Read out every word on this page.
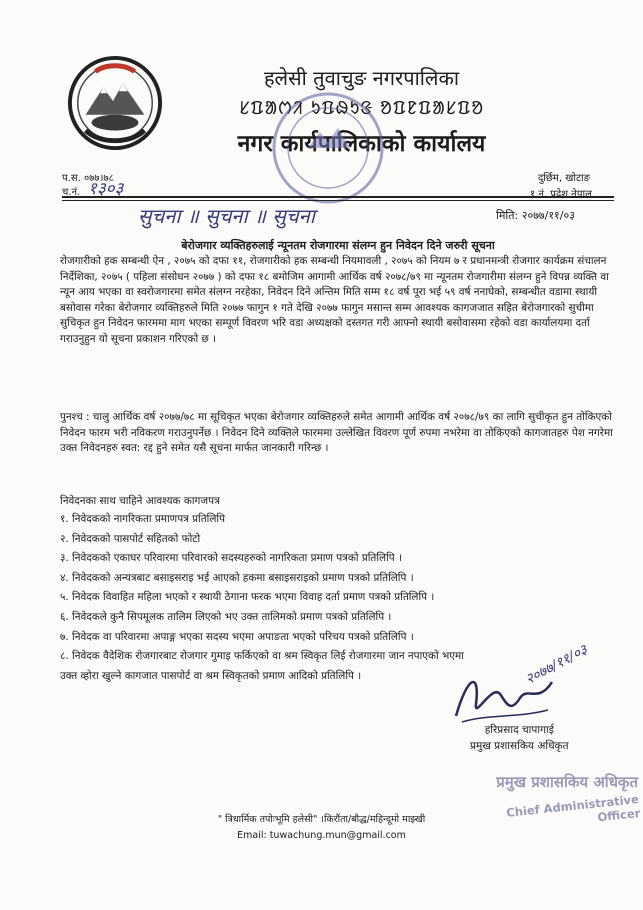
हलेसी तुवाचुङ नगरपालिका
ᱥᱯᱟᱬᱤ ᱩᱯᱷᱩᱝ ᱚᱯᱱᱯᱟᱥᱯᱚ
नगर कार्यपालिकाको कार्यालय
प.स. ०७७।७८
च.नं. १३०३
दुर्छिम, खोटाङ
१ नं. प्रदेश नेपाल
सुचना ॥ सुचना ॥ सुचना	मिति: २०७७/११/०३
बेरोजगार व्यक्तिहरुलाई न्यूनतम रोजगारमा संलग्न हुन निवेदन दिने जरुरी सूचना
रोजगारीको हक सम्बन्धी ऐन , २०७५ को दफा ११, रोजगारीको हक सम्बन्धी नियमावली , २०७५ को नियम ७ र प्रधानमन्त्री रोजगार कार्यक्रम संचालन निर्देशिका, २०७५ ( पहिला संसोधन २०७७ ) को दफा १८ बमोजिम आगामी आर्थिक वर्ष २०७८/७९ मा न्यूनतम रोजगारीमा संलग्न हुने विपन्न व्यक्ति वा न्यून आय भएका वा स्वरोजगारमा समेत संलग्न नरहेका, निवेदन दिने अन्तिम मिति सम्म १८ वर्ष पूरा भई ५९ वर्ष ननाघेको, सम्बन्धीत वडामा स्थायी बसोवास गरेका बेरोजगार व्यक्तिहरुले मिति २०७७ फागुन १ गते देखि २०७७ फागुन मसान्त सम्म आवश्यक कागजजात सहित बेरोजगारको सुचीमा सुचिकृत हुन निवेदन फारममा माग भएका सम्पूर्ण विवरण भरि वडा अध्यक्षको दस्तगत गरी आफ्नो स्थायी बसोवासमा रहेको वडा कार्यालयमा दर्ता गराउनुहुन यो सूचना प्रकाशन गरिएको छ ।
पुनश्च : चालु आर्थिक वर्ष २०७७/७८ मा सूचिकृत भएका बेरोजगार व्यक्तिहरुले समेत आगामी आर्थिक वर्ष २०७८/७९ का लागि सुचीकृत हुन तोकिएको निवेदन फारम भरी नविकरण गराउनुपर्नेछ । निवेदन दिने व्यक्तिले फारममा उल्लेखित विवरण पूर्ण रुपमा नभरेमा वा तोकिएको कागजातहरु पेश नगरेमा उक्त निवेदनहरु स्वत: रद्द हुने समेत यसै सूचना मार्फत जानकारी गरिन्छ ।
निवेदनका साथ चाहिने आवश्यक कागजपत्र
१. निवेदकको नागरिकता प्रमाणपत्र प्रतिलिपि
२. निवेदकको पासपोर्ट सहितको फोटो
३. निवेदकको एकाघर परिवारमा परिवारको सदस्यहरुको नागरिकता प्रमाण पत्रको प्रतिलिपि ।
४. निवेदकको अन्यत्रबाट बसाइसराइ भई आएको हकमा बसाइसराइको प्रमाण पत्रको प्रतिलिपि ।
५. निवेदक विवाहित महिला भएको र स्थायी ठेगाना फरक भएमा विवाह दर्ता प्रमाण पत्रको प्रतिलिपि ।
६. निवेदकले कुनै सिपमूलक तालिम लिएको भए उक्त तालिमको प्रमाण पत्रको प्रतिलिपि ।
७. निवेदक वा परिवारमा अपाङ्ग भएका सदस्य भएमा अपाङता भएको परिचय पत्रको प्रतिलिपि ।
८. निवेदक वैदेशिक रोजगारबाट रोजगार गुमाइ फर्किएको वा श्रम स्विकृत लिई रोजगारमा जान नपाएको भएमा
उक्त व्होरा खुल्ने कागजात पासपोर्ट वा श्रम स्विकृतको प्रमाण आदिको प्रतिलिपि ।	२०७७/११/०३
हरिप्रसाद चापागाई
प्रमुख प्रशासकिय अधिकृत
प्रमुख प्रशासकिय अधिकृत
Chief Administrative Officer
" त्रिधार्मिक तपोःभूमि हलेसी" ।किरौंता/बौद्ध/महिन्दूमो माझ्खी
Email: tuwachung.mun@gmail.com
